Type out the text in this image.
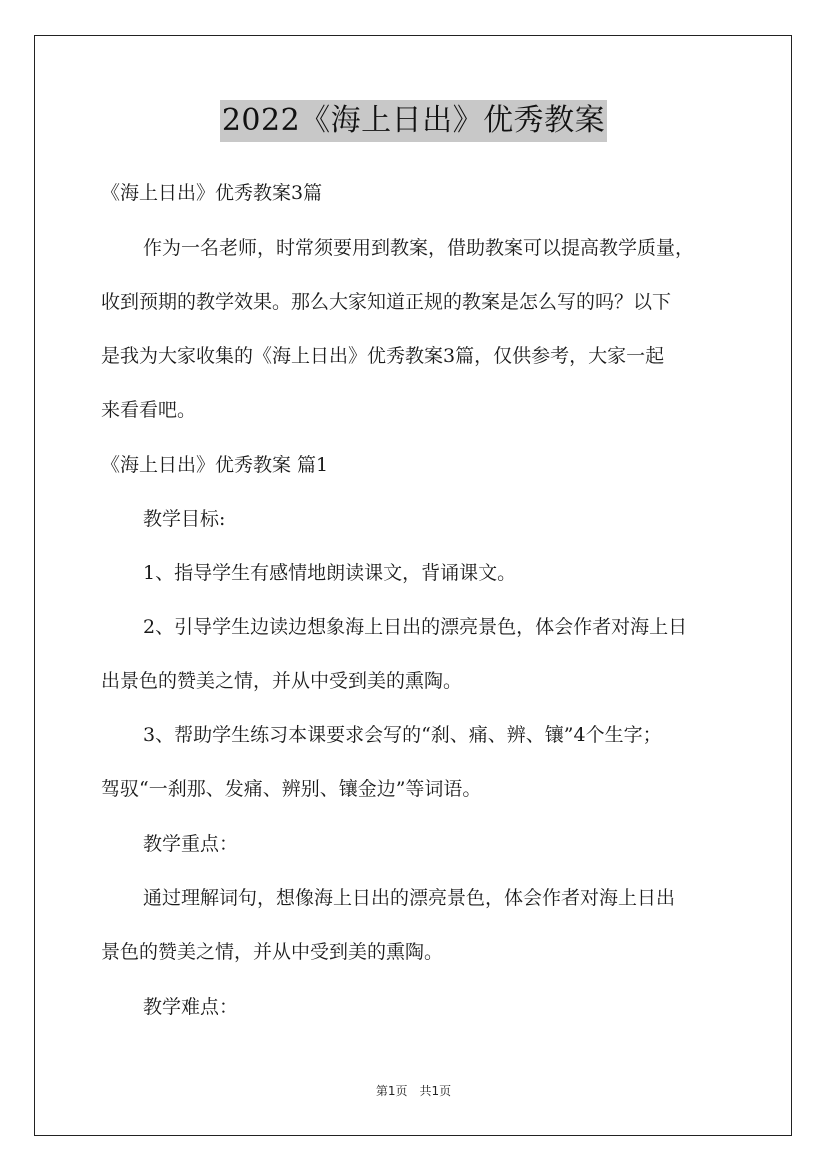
2022《海上日出》优秀教案
《海上日出》优秀教案3篇
作为一名老师，时常须要用到教案，借助教案可以提高教学质量，
收到预期的教学效果。那么大家知道正规的教案是怎么写的吗？以下
是我为大家收集的《海上日出》优秀教案3篇，仅供参考，大家一起
来看看吧。
《海上日出》优秀教案 篇1
教学目标:
1、指导学生有感情地朗读课文，背诵课文。
2、引导学生边读边想象海上日出的漂亮景色，体会作者对海上日
出景色的赞美之情，并从中受到美的熏陶。
3、帮助学生练习本课要求会写的“刹、痛、辨、镶”4个生字；
驾驭“一刹那、发痛、辨别、镶金边”等词语。
教学重点：
通过理解词句，想像海上日出的漂亮景色，体会作者对海上日出
景色的赞美之情，并从中受到美的熏陶。
教学难点：
第1页　共1页
